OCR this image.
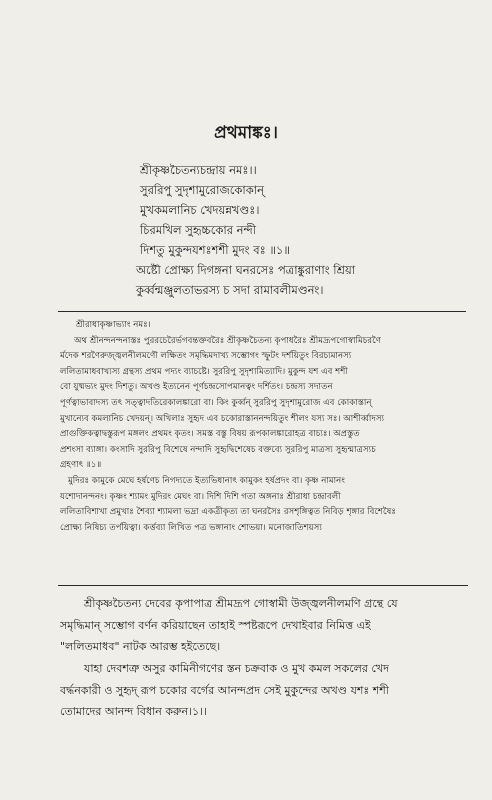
প্রথমাঙ্কঃ।
শ্রীকৃষ্ণচৈতন্যচন্দ্রায় নমঃ।।
সুররিপু সুদৃশামুরোজকোকান্‌
মুখকমলানিচ খেদয়ন্নখণ্ডঃ।
চিরমখিল সুহৃচ্চকোর নন্দী
দিশতু মুকুন্দযশঃশশী মুদং বঃ ॥১॥
অষ্টৌ প্রোক্ষ্য দিগঙ্গনা ঘনরসেঃ পত্রাঙ্কুরাণাং শ্রিয়া
কুর্ব্বন্মঞ্জুলতাভরস্য চ সদা রামাবলীমণ্ডনং।
শ্রীরাধাকৃষ্ণাভ্যাং নমঃ।
অথ শ্রীনন্দনন্দনাস্তঃ পুররচেরৈর্ভগবন্তক্তবরৈঃ শ্রীকৃষ্ণচৈতন্য কৃপাধরৈঃ শ্রীমদ্রূপগোস্বামিচরণৈ
র্মদেক শরণৈরুজ্জ্বলনীলমণৌ লক্ষিতং সমৃদ্ধিমদাখ্য সম্ভোগং স্ফুটং দর্শয়িতুং বিরচ্যমানস্য
ললিতামাধবাখ্যস্য গ্রন্থস্য প্রথম পদ্যং ব্যাচষ্টে। সুররিপু সুদৃশামিত্যাদি। মুকুন্দ যশ এব শশী
বো যুষ্মভ্যং মুদং দিশতু। অখণ্ড ইত্যনেন পূর্ণচন্দ্রসোপমানত্বং দর্শিতং। চন্দ্রস্য সদাতন
পূর্ণত্বাভাবাদস্য তৎ সত্ত্বাদতিরেকালঙ্কারো বা। কিং কুর্ব্বন্‌ সুররিপু সুদৃশামুরোজ এব কোকাস্তান্‌
মুখান্যেব কমলানিচ খেদয়ন্‌। অখিলাঃ সুহৃদ এব চকোরাস্তাননন্দয়িতুং শীলং যস্য সঃ। আশীর্ব্বাদস্য
প্রাগুক্তিকত্বাদ্বস্তুরূপ মঙ্গলং প্রথমং কৃতং। সমস্ত বস্তু বিষয় রূপকালঙ্কারোহত্র বাচ্যঃ। অপ্রস্তুত
প্রশংসা ব্যাঙ্গা। কংসাদি সুররিপু বিশেষে নন্দাদি সুহৃদ্বিশেষেচ বক্তব্যে সুররিপু মাত্রস্য সুহৃন্মাত্রস্যচ
গ্রহণাৎ ॥১॥
মুদিরঃ কামুকে মেঘে হর্ষণেচ নিগদ্যতে ইত্যভিধানাৎ কামুকং হর্ষপ্রদং বা। কৃষ্ণ নামানং
যশোদানন্দনং। কৃষ্ণং শ্যামং মুদিরং মেঘং বা। দিশি দিশি গতা অঙ্গনাঃ শ্রীরাধা চন্দ্রাবলী
ললিতাবিশাখা প্রমুখাঃ শৈব্যা শ্যামলা ভদ্রা একত্রীকৃত্য তা ঘনরসৈঃ রসশৃঙ্গিত্বত নিবিড় শৃঙ্গার বিশেষৈঃ
প্রোক্ষ্য নিষিচ্য তর্পয়িত্বা। কর্ত্তব্যা লিখিত পত্র ভঙ্গানাং শোভয়া। মনোজাতিশয়স্য
শ্রীকৃষ্ণচৈতন্য দেবের কৃপাপাত্র শ্রীমদ্রূপ গোস্বামী উজ্জ্বলনীলমণি গ্রন্থে যে
সমৃদ্ধিমান্‌ সম্ভোগ বর্ণন করিয়াছেন তাহাই স্পষ্টরূপে দেখাইবার নিমিত্ত এই
"ললিতমাধব" নাটক আরম্ভ হইতেছে।
যাহা দেবশত্রু অসুর কামিনীগণের স্তন চক্রবাক ও মুখ কমল সকলের খেদ
বর্দ্ধনকারী ও সুহৃদ্‌ রূপ চকোর বর্গের আনন্দপ্রদ সেই মুকুন্দের অখণ্ড যশঃ শশী
তোমাদের আনন্দ বিধান করুন।১।।
